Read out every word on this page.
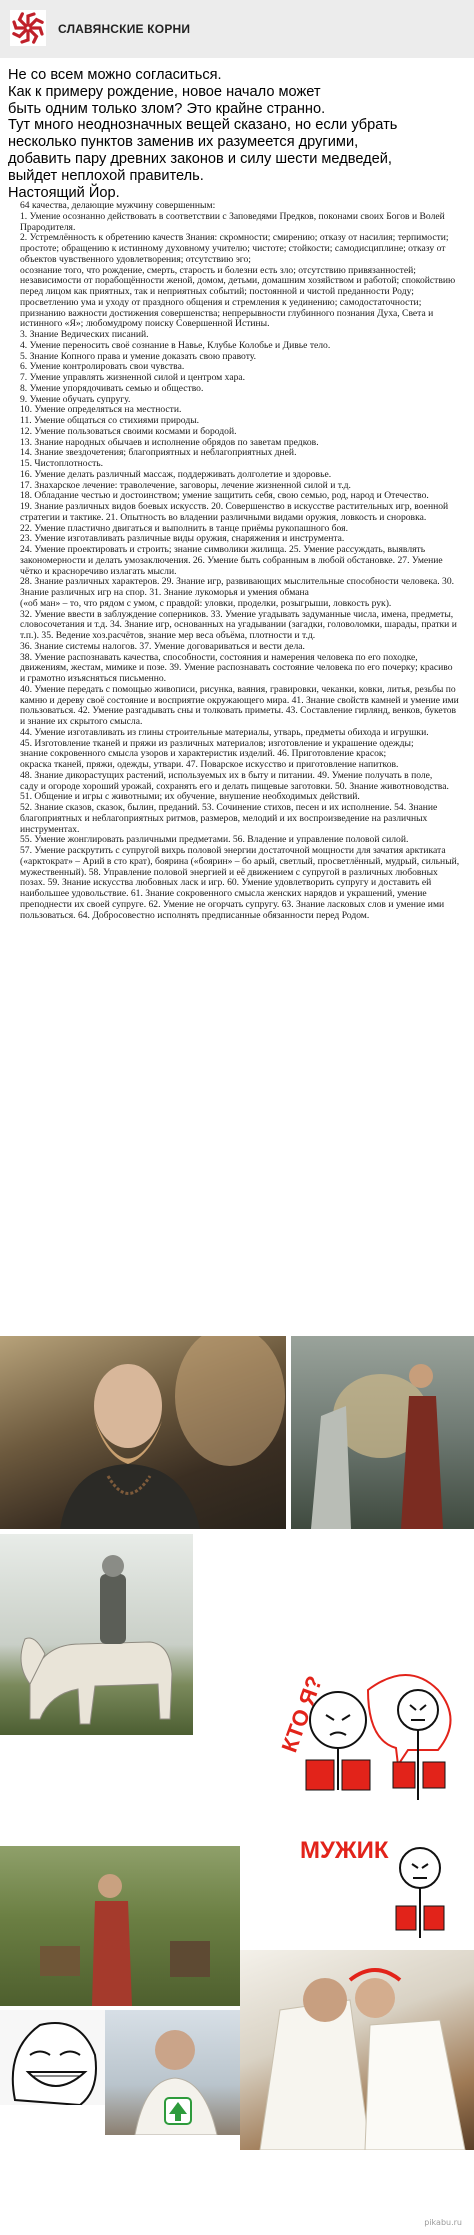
СЛАВЯНСКИЕ КОРНИ

Не со всем можно согласиться.

Как к примеру рождение, новое начало может

быть одним только злом? Это крайне странно.

Тут много неоднозначных вещей сказано, но если убрать

несколько пунктов заменив их разумеется другими,

добавить пару древних законов и силу шести медведей,

выйдет неплохой правитель.

Настоящий Йор.

64 качества, делающие мужчину совершенным:

1. Умение осознанно действовать в соответствии с Заповедями Предков, поконами своих Богов и Волей Прародителя.

2. Устремлённость к обретению качеств Знания: скромности; смирению; отказу от насилия; терпимости; простоте; обращению к истинному духовному учителю; чистоте; стойкости; самодисциплине; отказу от объектов чувственного удовлетворения; отсутствию эго;

осознание того, что рождение, смерть, старость и болезни есть зло; отсутствию привязанностей; независимости от порабощённости женой, домом, детьми, домашним хозяйством и работой; спокойствию перед лицом как приятных, так и неприятных событий; постоянной и чистой преданности Роду; просветлению ума и уходу от праздного общения и стремления к уединению; самодостаточности; признанию важности достижения совершенства; непрерывности глубинного познания Духа, Света и истинного «Я»; любомудрому поиску Совершенной Истины.

3. Знание Ведических писаний.

4. Умение переносить своё сознание в Навье, Клубье Колобье и Дивье тело.

5. Знание Копного права и умение доказать свою правоту.

6. Умение контролировать свои чувства.

7. Умение управлять жизненной силой и центром хара.

8. Умение упорядочивать семью и общество.

9. Умение обучать супругу.

10. Умение определяться на местности.

11. Умение общаться со стихиями природы.

12. Умение пользоваться своими космами и бородой.

13. Знание народных обычаев и исполнение обрядов по заветам предков.

14. Знание звездочетения; благоприятных и неблагоприятных дней.

15. Чистоплотность.

16. Умение делать различный массаж, поддерживать долголетие и здоровье.

17. Знахарское лечение: траволечение, заговоры, лечение жизненной силой и т.д.

18. Обладание честью и достоинством; умение защитить себя, свою семью, род, народ и Отечество.

19. Знание различных видов боевых искусств. 20. Совершенство в искусстве растительных игр, военной стратегии и тактике. 21. Опытность во владении различными видами оружия, ловкость и сноровка.

22. Умение пластично двигаться и выполнить в танце приёмы рукопашного боя.

23. Умение изготавливать различные виды оружия, снаряжения и инструмента.

24. Умение проектировать и строить; знание символики жилища. 25. Умение рассуждать, выявлять закономерности и делать умозаключения. 26. Умение быть собранным в любой обстановке. 27. Умение чётко и красноречиво излагать мысли.

28. Знание различных характеров. 29. Знание игр, развивающих мыслительные способности человека. 30. Знание различных игр на спор. 31. Знание лукоморья и умения обмана

(«об ман» – то, что рядом с умом, с правдой: уловки, проделки, розыгрыши, ловкость рук).

32. Умение ввести в заблуждение соперников. 33. Умение угадывать задуманные числа, имена, предметы, словосочетания и т.д. 34. Знание игр, основанных на угадывании (загадки, головоломки, шарады, пратки и т.п.). 35. Ведение хоз.расчётов, знание мер веса объёма, плотности и т.д.

36. Знание системы налогов. 37. Умение договариваться и вести дела.

38. Умение распознавать качества, способности, состояния и намерения человека по его походке, движениям, жестам, мимике и позе. 39. Умение распознавать состояние человека по его почерку; красиво и грамотно изъясняться письменно.

40. Умение передать с помощью живописи, рисунка, ваяния, гравировки, чеканки, ковки, литья, резьбы по камню и дереву своё состояние и восприятие окружающего мира. 41. Знание свойств камней и умение ими пользоваться. 42. Умение разгадывать сны и толковать приметы. 43. Составление гирлянд, венков, букетов и знание их скрытого смысла.

44. Умение изготавливать из глины строительные материалы, утварь, предметы обихода и игрушки.

45. Изготовление тканей и пряжи из различных материалов; изготовление и украшение одежды;

знание сокровенного смысла узоров и характеристик изделий. 46. Приготовление красок;

окраска тканей, пряжи, одежды, утвари. 47. Поварское искусство и приготовление напитков.

48. Знание дикорастущих растений, используемых их в быту и питании. 49. Умение получать в поле,

саду и огороде хороший урожай, сохранять его и делать пищевые заготовки. 50. Знание животноводства.

51. Общение и игры с животными; их обучение, внушение необходимых действий.

52. Знание сказов, сказок, былин, преданий. 53. Сочинение стихов, песен и их исполнение. 54. Знание благоприятных и неблагоприятных ритмов, размеров, мелодий и их воспроизведение на различных инструментах.

55. Умение жонглировать различными предметами. 56. Владение и управление половой силой.

57. Умение раскрутить с супругой вихрь половой энергии достаточной мощности для зачатия арктиката («арктократ» – Арий в сто крат), боярина («боярин» – бо арый, светлый, просветлённый, мудрый, сильный, мужественный). 58. Управление половой энергией и её движением с супругой в различных любовных позах. 59. Знание искусства любовных ласк и игр. 60. Умение удовлетворить супругу и доставить ей наибольшее удовольствие. 61. Знание сокровенного смысла женских нарядов и украшений, умение преподнести их своей супруге. 62. Умение не огорчать супругу. 63. Знание ласковых слов и умение ими пользоваться. 64. Добросовестно исполнять предписанные обязанности перед Родом.

КТО Я?
МУЖИК
pikabu.ru
